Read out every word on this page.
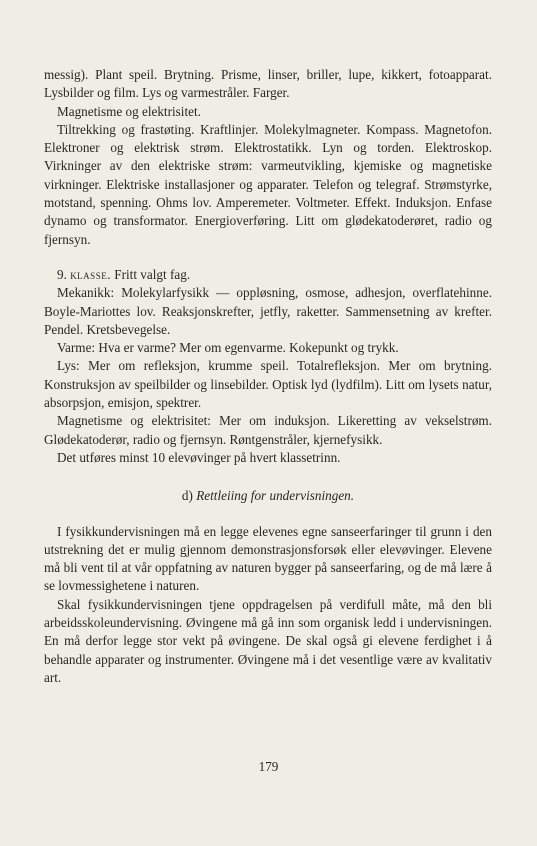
messig). Plant speil. Brytning. Prisme, linser, briller, lupe, kikkert, fotoapparat. Lysbilder og film. Lys og varmestråler. Farger.

Magnetisme og elektrisitet.

Tiltrekking og frastøting. Kraftlinjer. Molekylmagneter. Kompass. Magnetofon. Elektroner og elektrisk strøm. Elektrostatikk. Lyn og torden. Elektroskop. Virkninger av den elektriske strøm: varmeutvikling, kjemiske og magnetiske virkninger. Elektriske installasjoner og apparater. Telefon og telegraf. Strømstyrke, motstand, spenning. Ohms lov. Amperemeter. Voltmeter. Effekt. Induksjon. Enfase dynamo og transformator. Energioverføring. Litt om glødekatoderøret, radio og fjernsyn.

9. klasse. Fritt valgt fag.

Mekanikk: Molekylarfysikk — oppløsning, osmose, adhesjon, overflatehinne. Boyle-Mariottes lov. Reaksjonskrefter, jetfly, raketter. Sammensetning av krefter. Pendel. Kretsbevegelse.

Varme: Hva er varme? Mer om egenvarme. Kokepunkt og trykk.

Lys: Mer om refleksjon, krumme speil. Totalrefleksjon. Mer om brytning. Konstruksjon av speilbilder og linsebilder. Optisk lyd (lydfilm). Litt om lysets natur, absorpsjon, emisjon, spektrer.

Magnetisme og elektrisitet: Mer om induksjon. Likeretting av vekselstrøm. Glødekatoderør, radio og fjernsyn. Røntgenstråler, kjernefysikk.

Det utføres minst 10 elevøvinger på hvert klassetrinn.

d) Rettleiing for undervisningen.

I fysikkundervisningen må en legge elevenes egne sanseerfaringer til grunn i den utstrekning det er mulig gjennom demonstrasjonsforsøk eller elevøvinger. Elevene må bli vent til at vår oppfatning av naturen bygger på sanseerfaring, og de må lære å se lovmessighetene i naturen.

Skal fysikkundervisningen tjene oppdragelsen på verdifull måte, må den bli arbeidsskoleundervisning. Øvingene må gå inn som organisk ledd i undervisningen. En må derfor legge stor vekt på øvingene. De skal også gi elevene ferdighet i å behandle apparater og instrumenter. Øvingene må i det vesentlige være av kvalitativ art.

179
